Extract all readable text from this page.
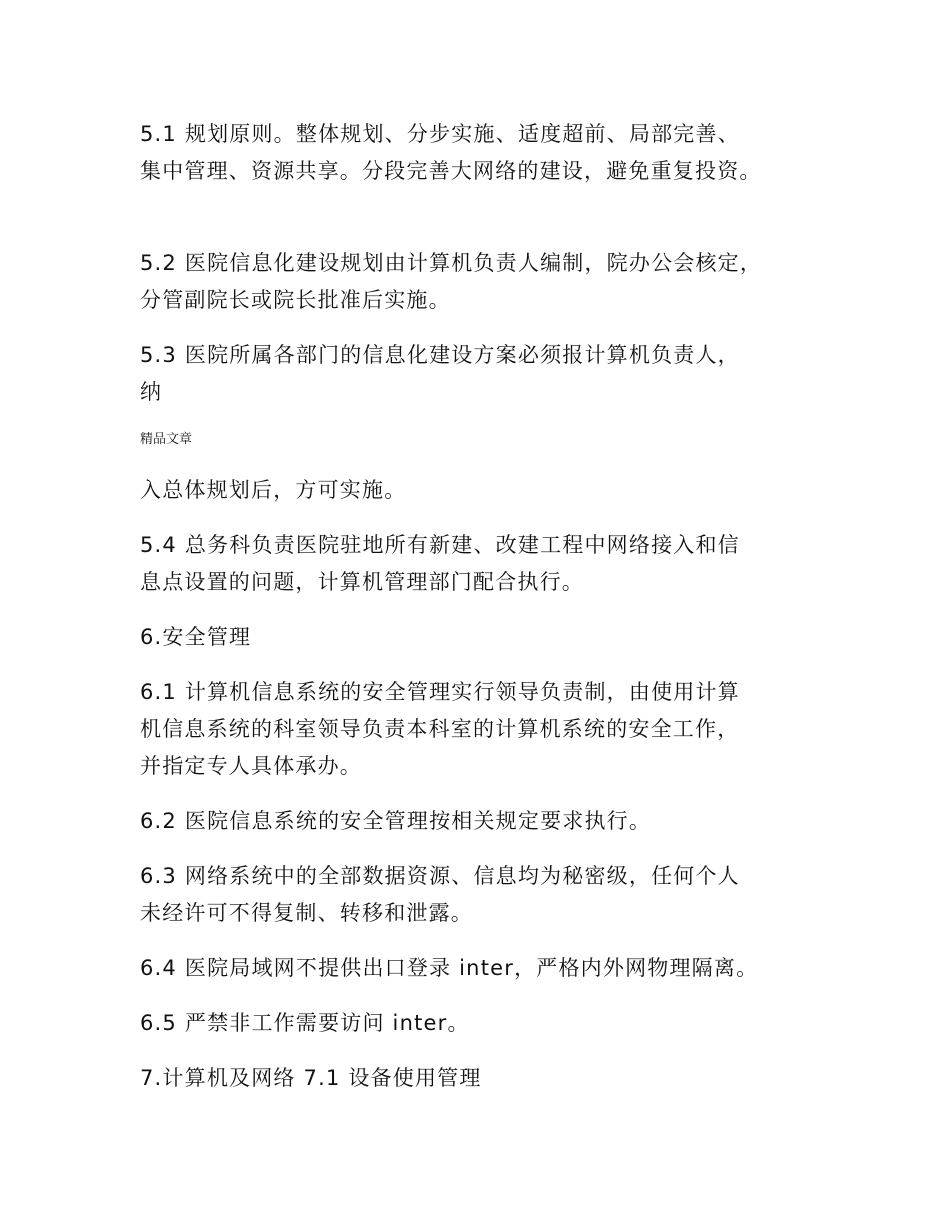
5.1 规划原则。整体规划、分步实施、适度超前、局部完善、
集中管理、资源共享。分段完善大网络的建设，避免重复投资。
5.2 医院信息化建设规划由计算机负责人编制，院办公会核定，
分管副院长或院长批准后实施。
5.3 医院所属各部门的信息化建设方案必须报计算机负责人，
纳
精品文章
入总体规划后，方可实施。
5.4 总务科负责医院驻地所有新建、改建工程中网络接入和信
息点设置的问题，计算机管理部门配合执行。
6.安全管理
6.1 计算机信息系统的安全管理实行领导负责制，由使用计算
机信息系统的科室领导负责本科室的计算机系统的安全工作，
并指定专人具体承办。
6.2 医院信息系统的安全管理按相关规定要求执行。
6.3 网络系统中的全部数据资源、信息均为秘密级，任何个人
未经许可不得复制、转移和泄露。
6.4 医院局域网不提供出口登录 inter，严格内外网物理隔离。
6.5 严禁非工作需要访问 inter。
7.计算机及网络 7.1 设备使用管理
